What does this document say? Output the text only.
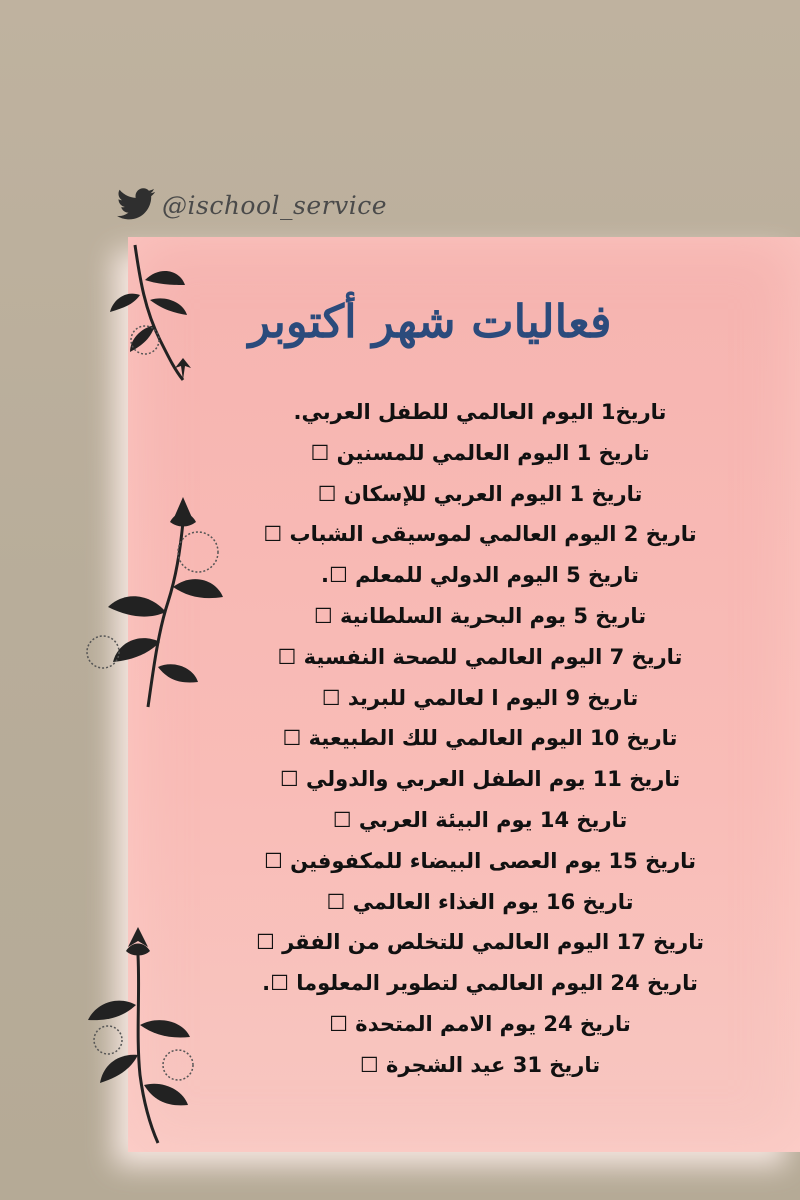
@ischool_service
فعاليات شهر أكتوبر
تاريخ1 اليوم العالمي للطفل العربي.
تاريخ 1 اليوم العالمي للمسنين ☐
تاريخ 1 اليوم العربي للإسكان ☐
تاريخ 2 اليوم العالمي لموسيقى الشباب ☐
تاريخ 5 اليوم الدولي للمعلم ☐.
تاريخ 5 يوم البحرية السلطانية ☐
تاريخ 7 اليوم العالمي للصحة النفسية ☐
تاريخ 9 اليوم ا لعالمي للبريد ☐
تاريخ 10 اليوم العالمي للك الطبيعية ☐
تاريخ 11 يوم الطفل العربي والدولي ☐
تاريخ 14 يوم البيئة العربي ☐
تاريخ 15 يوم العصى البيضاء للمكفوفين ☐
تاريخ 16 يوم الغذاء العالمي ☐
تاريخ 17 اليوم العالمي للتخلص من الفقر ☐
تاريخ 24 اليوم العالمي لتطوير المعلوما ☐.
تاريخ 24 يوم الامم المتحدة ☐
تاريخ 31 عيد الشجرة ☐
